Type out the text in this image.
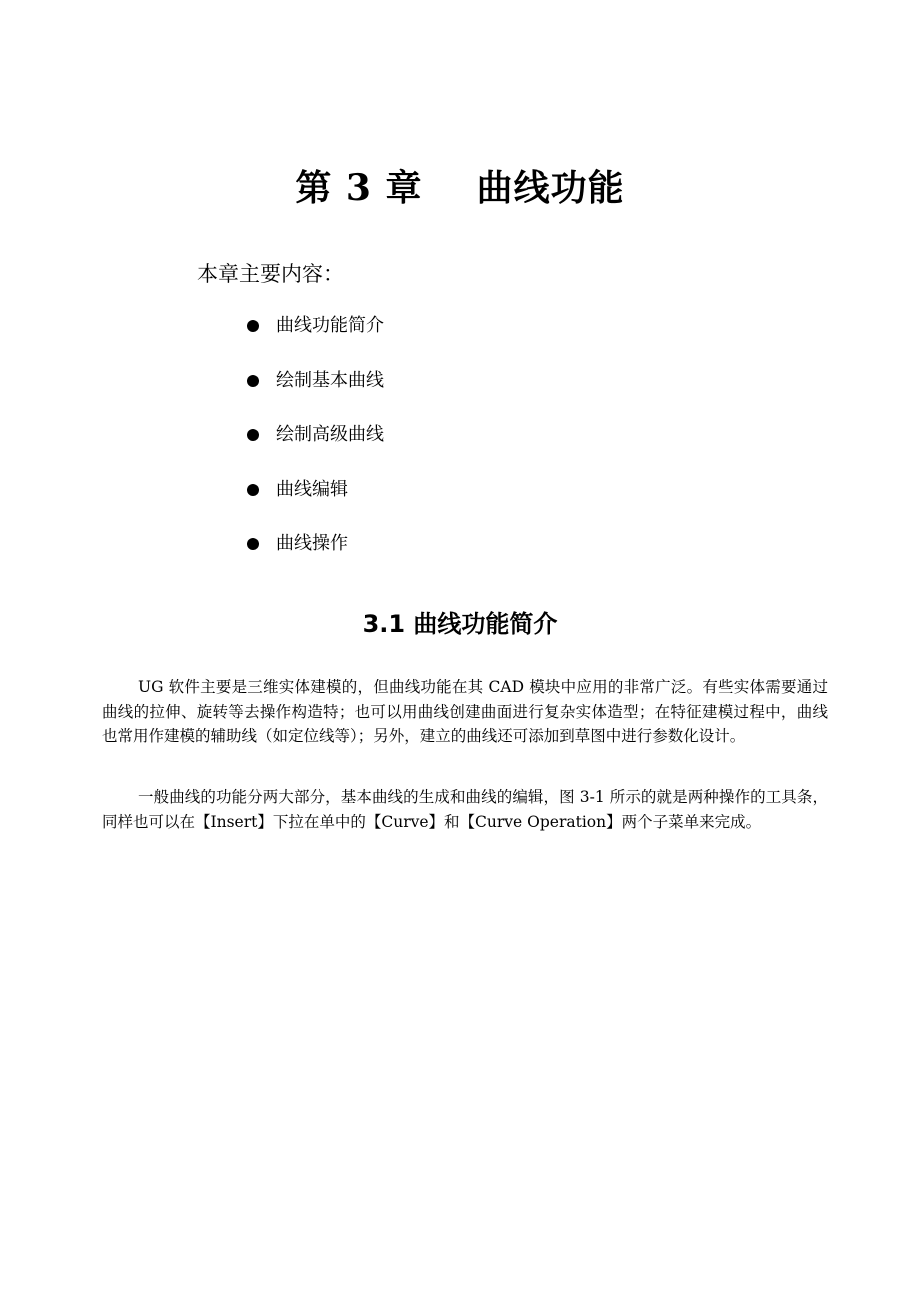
第 3 章    曲线功能
本章主要内容：
曲线功能简介
绘制基本曲线
绘制高级曲线
曲线编辑
曲线操作
3.1 曲线功能简介

UG 软件主要是三维实体建模的，但曲线功能在其 CAD 模块中应用的非常广泛。有些实体需要通过曲线的拉伸、旋转等去操作构造特；也可以用曲线创建曲面进行复杂实体造型；在特征建模过程中，曲线也常用作建模的辅助线（如定位线等）；另外，建立的曲线还可添加到草图中进行参数化设计。

一般曲线的功能分两大部分，基本曲线的生成和曲线的编辑，图 3-1 所示的就是两种操作的工具条，同样也可以在【Insert】下拉在单中的【Curve】和【Curve Operation】两个子菜单来完成。
